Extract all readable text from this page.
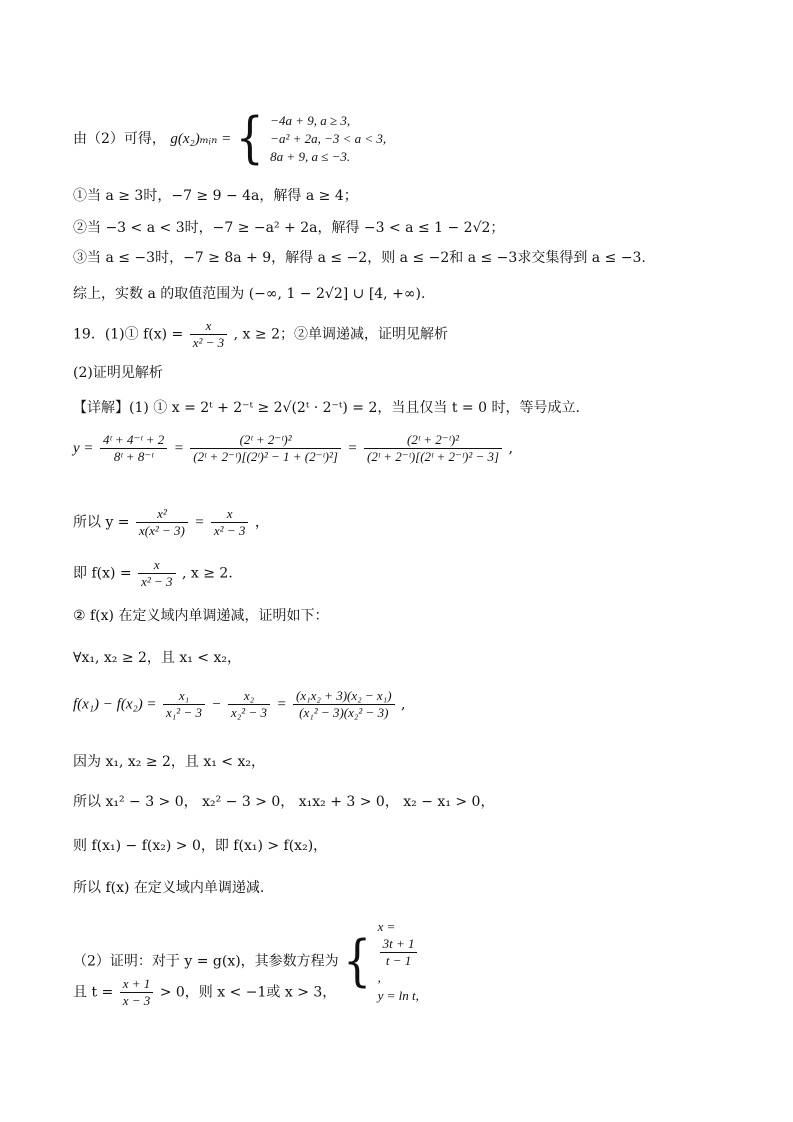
由（2）可得， g(x₂)ₘᵢₙ = { −4a + 9, a ≥ 3,
−a² + 2a, −3 < a < 3,
8a + 9, a ≤ −3.
①当 a ≥ 3时，−7 ≥ 9 − 4a，解得 a ≥ 4；
②当 −3 < a < 3时，−7 ≥ −a² + 2a，解得 −3 < a ≤ 1 − 2√2；
③当 a ≤ −3时，−7 ≥ 8a + 9，解得 a ≤ −2，则 a ≤ −2和 a ≤ −3求交集得到 a ≤ −3.
综上，实数 a 的取值范围为 (−∞, 1 − 2√2] ∪ [4, +∞).
19．(1)① $f(x) = \frac{x}{\text{x² − 3}}$ , x ≥ 2；②单调递减，证明见解析
(2)证明见解析
【详解】(1) ① x = 2ᵗ + 2⁻ᵗ ≥ 2√(2ᵗ · 2⁻ᵗ) = 2，当且仅当 t = 0 时，等号成立.
$y = \frac{\text{4ᵗ + 4⁻ᵗ + 2}}{\text{8ᵗ + 8⁻ᵗ}} = \frac{\text{(2ᵗ + 2⁻ᵗ)²}}{\text{(2ᵗ + 2⁻ᵗ)[(2ᵗ)² − 1 + (2⁻ᵗ)²]}} = \frac{\text{(2ᵗ + 2⁻ᵗ)²}}{\text{(2ᵗ + 2⁻ᵗ)[(2ᵗ + 2⁻ᵗ)² − 3]}}$ ,
所以 $y = \frac{\text{x²}}{\text{x(x² − 3)}} = \frac{x}{\text{x² − 3}}$ ，
即 $f(x) = \frac{x}{\text{x² − 3}}$ , x ≥ 2.
② f(x) 在定义域内单调递减，证明如下：
∀x₁, x₂ ≥ 2，且 x₁ < x₂，
$f(x_1) - f(x_2) = \frac{\text{x₁}}{\text{x₁² − 3}} - \frac{\text{x₂}}{\text{x₂² − 3}} = \frac{\text{(x₁x₂ + 3)(x₂ − x₁)}}{\text{(x₁² − 3)(x₂² − 3)}}$ ,
因为 x₁, x₂ ≥ 2，且 x₁ < x₂，
所以 x₁² − 3 > 0， x₂² − 3 > 0， x₁x₂ + 3 > 0， x₂ − x₁ > 0，
则 f(x₁) − f(x₂) > 0，即 f(x₁) > f(x₂)，
所以 f(x) 在定义域内单调递减.
（2）证明：对于 y = g(x)，其参数方程为 {
x =
3t + 1
t − 1
,
y = ln t,
且 $t = \frac{x + 1}{x - 3} > 0$，则 x < −1或 x > 3，
